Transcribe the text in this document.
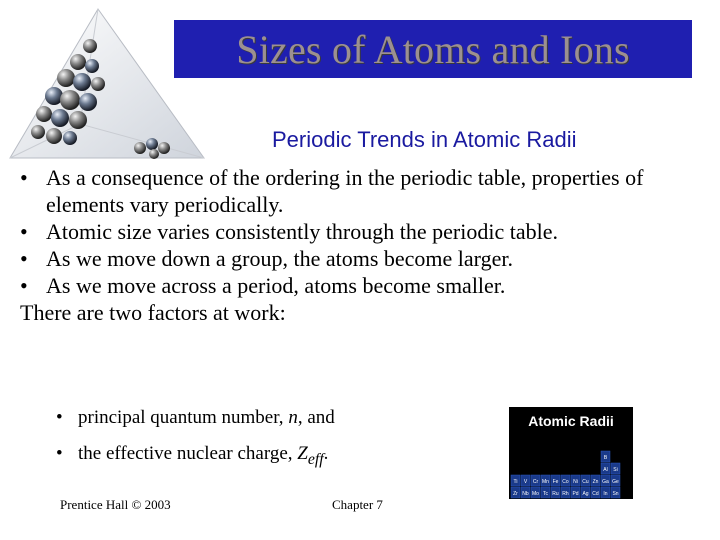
Sizes of Atoms and Ions
Periodic Trends in Atomic Radii
• As a consequence of the ordering in the periodic table, properties of elements vary periodically.
• Atomic size varies consistently through the periodic table.
• As we move down a group, the atoms become larger.
• As we move across a period, atoms become smaller.
There are two factors at work:
• principal quantum number, n, and
• the effective nuclear charge, $Z_{eff}$.
Atomic Radii
B
Al Si
Ti V Cr Mn Fe Co Ni Cu Zn Ga Ge
Zr Nb Mo Tc Ru Rh Pd Ag Cd In Sn
Prentice Hall © 2003	Chapter 7
